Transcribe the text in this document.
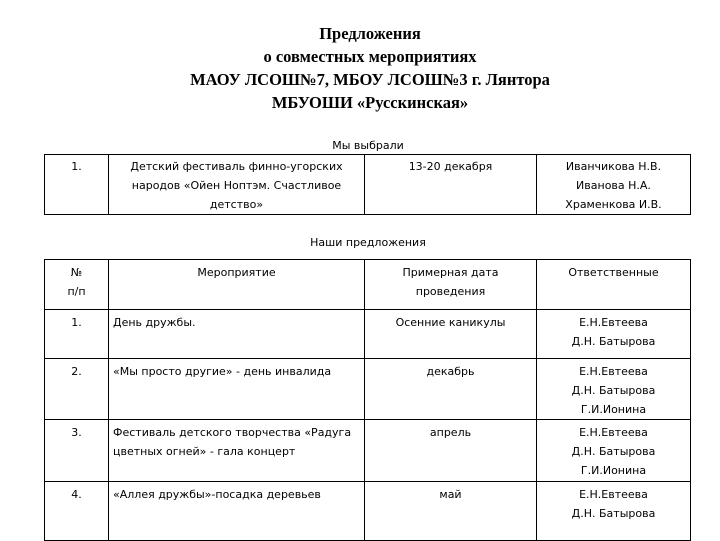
Предложения
о совместных мероприятиях
МАОУ ЛСОШ№7, МБОУ ЛСОШ№3 г. Лянтора
МБУОШИ «Русскинская»
Мы выбрали
1.	Детский фестиваль финно-угорских
народов «Ойен Ноптэм. Счастливое
детство»	13-20 декабря	Иванчикова Н.В.
Иванова Н.А.
Храменкова И.В.
Наши предложения
№
п/п	Мероприятие	Примерная дата
проведения	Ответственные
1.	День дружбы.	Осенние каникулы	Е.Н.Евтеева
Д.Н. Батырова
2.	«Мы просто другие» - день инвалида	декабрь	Е.Н.Евтеева
Д.Н. Батырова
Г.И.Ионина
3.	Фестиваль детского творчества «Радуга
цветных огней» - гала концерт	апрель	Е.Н.Евтеева
Д.Н. Батырова
Г.И.Ионина
4.	«Аллея дружбы»-посадка деревьев	май	Е.Н.Евтеева
Д.Н. Батырова
